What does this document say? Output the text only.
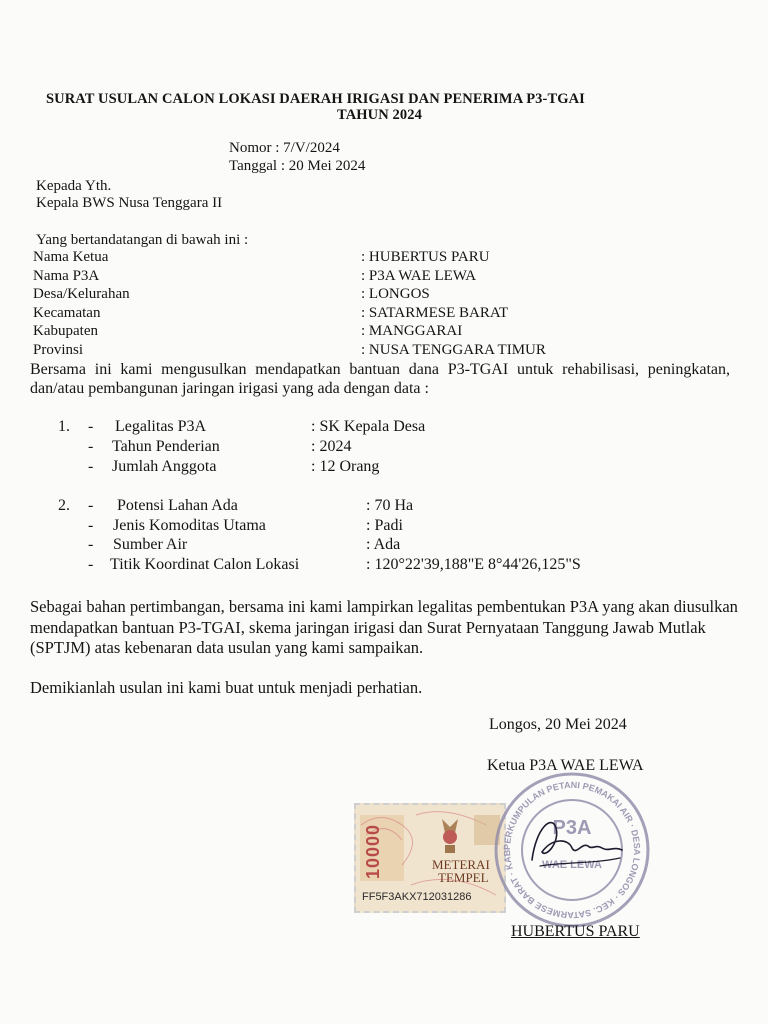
SURAT USULAN CALON LOKASI DAERAH IRIGASI DAN PENERIMA P3-TGAI
TAHUN 2024
Nomor : 7/V/2024
Tanggal : 20 Mei 2024
Kepada Yth.
Kepala BWS Nusa Tenggara II
Yang bertandatangan di bawah ini :
Nama Ketua	: HUBERTUS PARU
Nama P3A	: P3A WAE LEWA
Desa/Kelurahan	: LONGOS
Kecamatan	: SATARMESE BARAT
Kabupaten	: MANGGARAI
Provinsi	: NUSA TENGGARA TIMUR
Bersama ini kami mengusulkan mendapatkan bantuan dana P3-TGAI untuk rehabilisasi, peningkatan, dan/atau pembangunan jaringan irigasi yang ada dengan data :
1. - Legalitas P3A	: SK Kepala Desa
- Tahun Penderian	: 2024
- Jumlah Anggota	: 12 Orang
2. - Potensi Lahan Ada	: 70 Ha
- Jenis Komoditas Utama	: Padi
- Sumber Air	: Ada
- Titik Koordinat Calon Lokasi	: 120°22'39,188"E 8°44'26,125"S
Sebagai bahan pertimbangan, bersama ini kami lampirkan legalitas pembentukan P3A yang akan diusulkan mendapatkan bantuan P3-TGAI, skema jaringan irigasi dan Surat Pernyataan Tanggung Jawab Mutlak (SPTJM) atas kebenaran data usulan yang kami sampaikan.
Demikianlah usulan ini kami buat untuk menjadi perhatian.
Longos, 20 Mei 2024
Ketua P3A WAE LEWA
10000	METERAI
TEMPEL
FF5F3AKX712031286
PERKUMPULAN PETANI PEMAKAI AIR · DESA LONGOS · KEC. SATARMESE BARAT · KAB
P3A
WAE LEWA
HUBERTUS PARU
